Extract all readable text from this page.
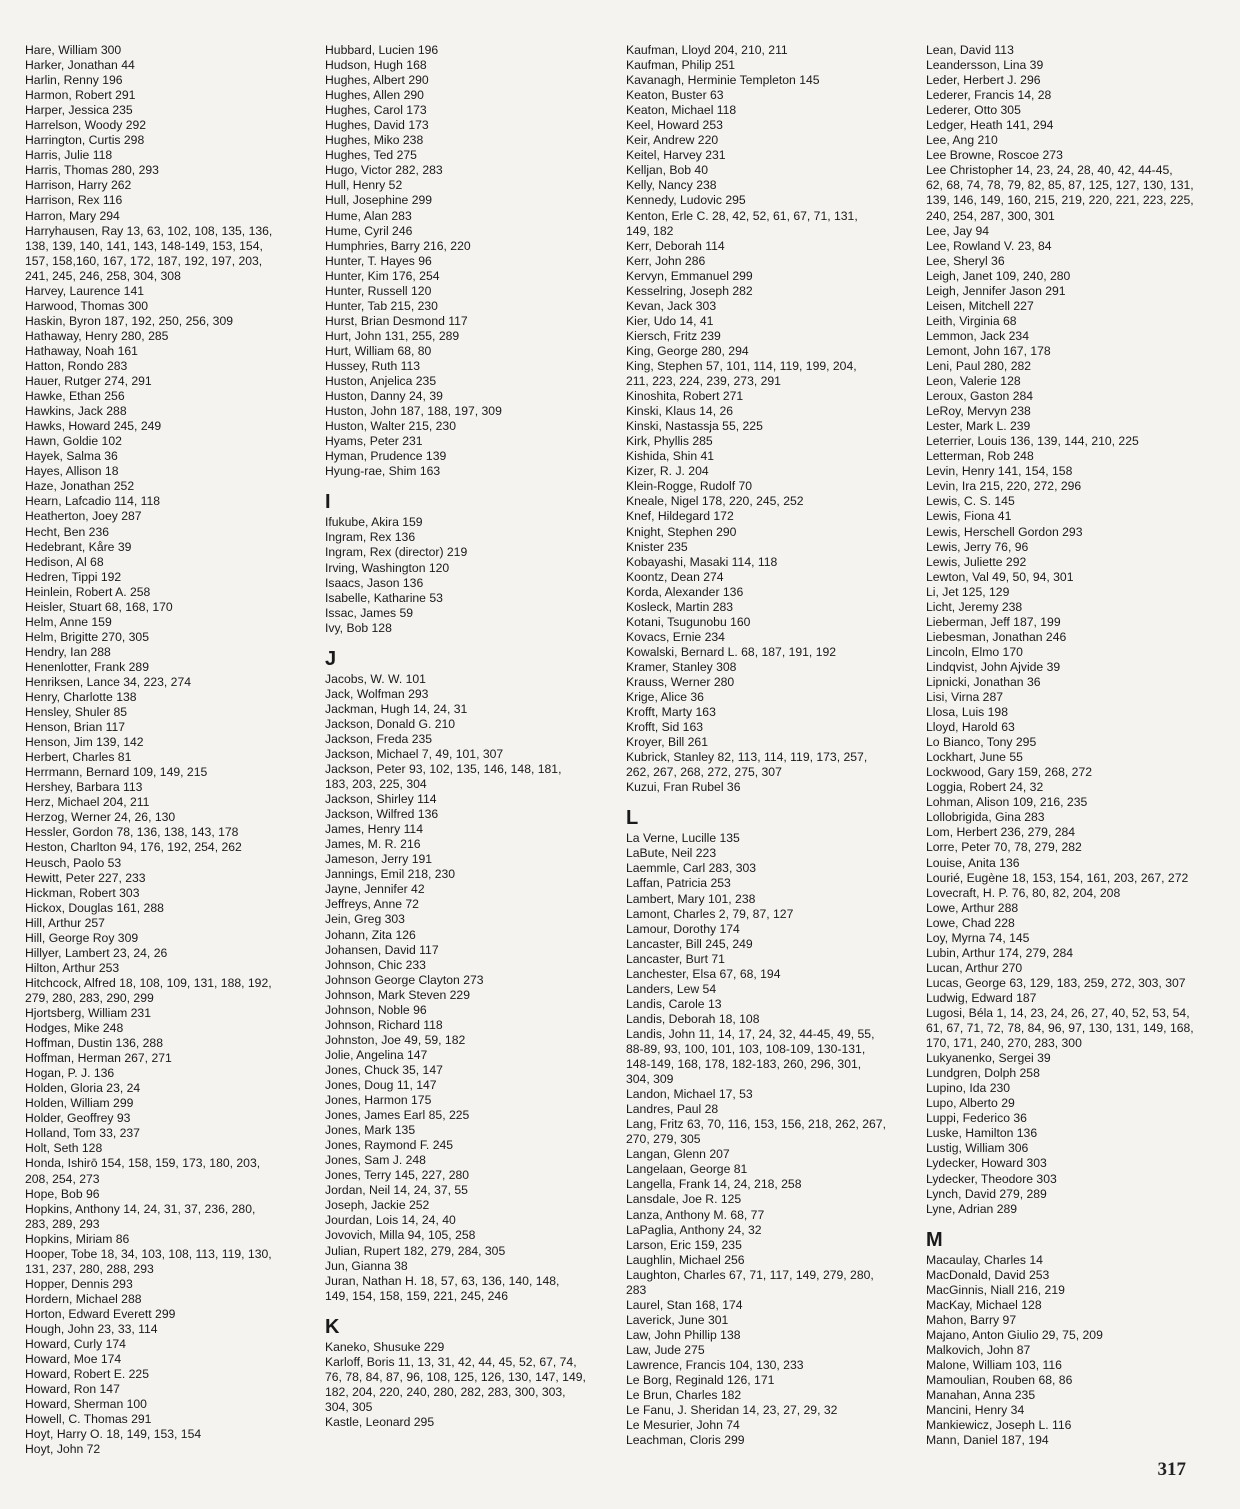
Hare, William 300
Harker, Jonathan 44
Harlin, Renny 196
Harmon, Robert 291
Harper, Jessica 235
Harrelson, Woody 292
Harrington, Curtis 298
Harris, Julie 118
Harris, Thomas 280, 293
Harrison, Harry 262
Harrison, Rex 116
Harron, Mary 294
Harryhausen, Ray 13, 63, 102, 108, 135, 136,
138, 139, 140, 141, 143, 148-149, 153, 154,
157, 158,160, 167, 172, 187, 192, 197, 203,
241, 245, 246, 258, 304, 308
Harvey, Laurence 141
Harwood, Thomas 300
Haskin, Byron 187, 192, 250, 256, 309
Hathaway, Henry 280, 285
Hathaway, Noah 161
Hatton, Rondo 283
Hauer, Rutger 274, 291
Hawke, Ethan 256
Hawkins, Jack 288
Hawks, Howard 245, 249
Hawn, Goldie 102
Hayek, Salma 36
Hayes, Allison 18
Haze, Jonathan 252
Hearn, Lafcadio 114, 118
Heatherton, Joey 287
Hecht, Ben 236
Hedebrant, Kåre 39
Hedison, Al 68
Hedren, Tippi 192
Heinlein, Robert A. 258
Heisler, Stuart 68, 168, 170
Helm, Anne 159
Helm, Brigitte 270, 305
Hendry, Ian 288
Henenlotter, Frank 289
Henriksen, Lance 34, 223, 274
Henry, Charlotte 138
Hensley, Shuler 85
Henson, Brian 117
Henson, Jim 139, 142
Herbert, Charles 81
Herrmann, Bernard 109, 149, 215
Hershey, Barbara 113
Herz, Michael 204, 211
Herzog, Werner 24, 26, 130
Hessler, Gordon 78, 136, 138, 143, 178
Heston, Charlton 94, 176, 192, 254, 262
Heusch, Paolo 53
Hewitt, Peter 227, 233
Hickman, Robert 303
Hickox, Douglas 161, 288
Hill, Arthur 257
Hill, George Roy 309
Hillyer, Lambert 23, 24, 26
Hilton, Arthur 253
Hitchcock, Alfred 18, 108, 109, 131, 188, 192,
279, 280, 283, 290, 299
Hjortsberg, William 231
Hodges, Mike 248
Hoffman, Dustin 136, 288
Hoffman, Herman 267, 271
Hogan, P. J. 136
Holden, Gloria 23, 24
Holden, William 299
Holder, Geoffrey 93
Holland, Tom 33, 237
Holt, Seth 128
Honda, Ishirō 154, 158, 159, 173, 180, 203,
208, 254, 273
Hope, Bob 96
Hopkins, Anthony 14, 24, 31, 37, 236, 280,
283, 289, 293
Hopkins, Miriam 86
Hooper, Tobe 18, 34, 103, 108, 113, 119, 130,
131, 237, 280, 288, 293
Hopper, Dennis 293
Hordern, Michael 288
Horton, Edward Everett 299
Hough, John 23, 33, 114
Howard, Curly 174
Howard, Moe 174
Howard, Robert E. 225
Howard, Ron 147
Howard, Sherman 100
Howell, C. Thomas 291
Hoyt, Harry O. 18, 149, 153, 154
Hoyt, John 72
Hubbard, Lucien 196
Hudson, Hugh 168
Hughes, Albert 290
Hughes, Allen 290
Hughes, Carol 173
Hughes, David 173
Hughes, Miko 238
Hughes, Ted 275
Hugo, Victor 282, 283
Hull, Henry 52
Hull, Josephine 299
Hume, Alan 283
Hume, Cyril 246
Humphries, Barry 216, 220
Hunter, T. Hayes 96
Hunter, Kim 176, 254
Hunter, Russell 120
Hunter, Tab 215, 230
Hurst, Brian Desmond 117
Hurt, John 131, 255, 289
Hurt, William 68, 80
Hussey, Ruth 113
Huston, Anjelica 235
Huston, Danny 24, 39
Huston, John 187, 188, 197, 309
Huston, Walter 215, 230
Hyams, Peter 231
Hyman, Prudence 139
Hyung-rae, Shim 163
I
Ifukube, Akira 159
Ingram, Rex 136
Ingram, Rex (director) 219
Irving, Washington 120
Isaacs, Jason 136
Isabelle, Katharine 53
Issac, James 59
Ivy, Bob 128
J
Jacobs, W. W. 101
Jack, Wolfman 293
Jackman, Hugh 14, 24, 31
Jackson, Donald G. 210
Jackson, Freda 235
Jackson, Michael 7, 49, 101, 307
Jackson, Peter 93, 102, 135, 146, 148, 181,
183, 203, 225, 304
Jackson, Shirley 114
Jackson, Wilfred 136
James, Henry 114
James, M. R. 216
Jameson, Jerry 191
Jannings, Emil 218, 230
Jayne, Jennifer 42
Jeffreys, Anne 72
Jein, Greg 303
Johann, Zita 126
Johansen, David 117
Johnson, Chic 233
Johnson George Clayton 273
Johnson, Mark Steven 229
Johnson, Noble 96
Johnson, Richard 118
Johnston, Joe 49, 59, 182
Jolie, Angelina 147
Jones, Chuck 35, 147
Jones, Doug 11, 147
Jones, Harmon 175
Jones, James Earl 85, 225
Jones, Mark 135
Jones, Raymond F. 245
Jones, Sam J. 248
Jones, Terry 145, 227, 280
Jordan, Neil 14, 24, 37, 55
Joseph, Jackie 252
Jourdan, Lois 14, 24, 40
Jovovich, Milla 94, 105, 258
Julian, Rupert 182, 279, 284, 305
Jun, Gianna 38
Juran, Nathan H. 18, 57, 63, 136, 140, 148,
149, 154, 158, 159, 221, 245, 246
K
Kaneko, Shusuke 229
Karloff, Boris 11, 13, 31, 42, 44, 45, 52, 67, 74,
76, 78, 84, 87, 96, 108, 125, 126, 130, 147, 149,
182, 204, 220, 240, 280, 282, 283, 300, 303,
304, 305
Kastle, Leonard 295
Kaufman, Lloyd 204, 210, 211
Kaufman, Philip 251
Kavanagh, Herminie Templeton 145
Keaton, Buster 63
Keaton, Michael 118
Keel, Howard 253
Keir, Andrew 220
Keitel, Harvey 231
Kelljan, Bob 40
Kelly, Nancy 238
Kennedy, Ludovic 295
Kenton, Erle C. 28, 42, 52, 61, 67, 71, 131,
149, 182
Kerr, Deborah 114
Kerr, John 286
Kervyn, Emmanuel 299
Kesselring, Joseph 282
Kevan, Jack 303
Kier, Udo 14, 41
Kiersch, Fritz 239
King, George 280, 294
King, Stephen 57, 101, 114, 119, 199, 204,
211, 223, 224, 239, 273, 291
Kinoshita, Robert 271
Kinski, Klaus 14, 26
Kinski, Nastassja 55, 225
Kirk, Phyllis 285
Kishida, Shin 41
Kizer, R. J. 204
Klein-Rogge, Rudolf 70
Kneale, Nigel 178, 220, 245, 252
Knef, Hildegard 172
Knight, Stephen 290
Knister 235
Kobayashi, Masaki 114, 118
Koontz, Dean 274
Korda, Alexander 136
Kosleck, Martin 283
Kotani, Tsugunobu 160
Kovacs, Ernie 234
Kowalski, Bernard L. 68, 187, 191, 192
Kramer, Stanley 308
Krauss, Werner 280
Krige, Alice 36
Krofft, Marty 163
Krofft, Sid 163
Kroyer, Bill 261
Kubrick, Stanley 82, 113, 114, 119, 173, 257,
262, 267, 268, 272, 275, 307
Kuzui, Fran Rubel 36
L
La Verne, Lucille 135
LaBute, Neil 223
Laemmle, Carl 283, 303
Laffan, Patricia 253
Lambert, Mary 101, 238
Lamont, Charles 2, 79, 87, 127
Lamour, Dorothy 174
Lancaster, Bill 245, 249
Lancaster, Burt 71
Lanchester, Elsa 67, 68, 194
Landers, Lew 54
Landis, Carole 13
Landis, Deborah 18, 108
Landis, John 11, 14, 17, 24, 32, 44-45, 49, 55,
88-89, 93, 100, 101, 103, 108-109, 130-131,
148-149, 168, 178, 182-183, 260, 296, 301,
304, 309
Landon, Michael 17, 53
Landres, Paul 28
Lang, Fritz 63, 70, 116, 153, 156, 218, 262, 267,
270, 279, 305
Langan, Glenn 207
Langelaan, George 81
Langella, Frank 14, 24, 218, 258
Lansdale, Joe R. 125
Lanza, Anthony M. 68, 77
LaPaglia, Anthony 24, 32
Larson, Eric 159, 235
Laughlin, Michael 256
Laughton, Charles 67, 71, 117, 149, 279, 280,
283
Laurel, Stan 168, 174
Laverick, June 301
Law, John Phillip 138
Law, Jude 275
Lawrence, Francis 104, 130, 233
Le Borg, Reginald 126, 171
Le Brun, Charles 182
Le Fanu, J. Sheridan 14, 23, 27, 29, 32
Le Mesurier, John 74
Leachman, Cloris 299
Lean, David 113
Leandersson, Lina 39
Leder, Herbert J. 296
Lederer, Francis 14, 28
Lederer, Otto 305
Ledger, Heath 141, 294
Lee, Ang 210
Lee Browne, Roscoe 273
Lee Christopher 14, 23, 24, 28, 40, 42, 44-45,
62, 68, 74, 78, 79, 82, 85, 87, 125, 127, 130, 131,
139, 146, 149, 160, 215, 219, 220, 221, 223, 225,
240, 254, 287, 300, 301
Lee, Jay 94
Lee, Rowland V. 23, 84
Lee, Sheryl 36
Leigh, Janet 109, 240, 280
Leigh, Jennifer Jason 291
Leisen, Mitchell 227
Leith, Virginia 68
Lemmon, Jack 234
Lemont, John 167, 178
Leni, Paul 280, 282
Leon, Valerie 128
Leroux, Gaston 284
LeRoy, Mervyn 238
Lester, Mark L. 239
Leterrier, Louis 136, 139, 144, 210, 225
Letterman, Rob 248
Levin, Henry 141, 154, 158
Levin, Ira 215, 220, 272, 296
Lewis, C. S. 145
Lewis, Fiona 41
Lewis, Herschell Gordon 293
Lewis, Jerry 76, 96
Lewis, Juliette 292
Lewton, Val 49, 50, 94, 301
Li, Jet 125, 129
Licht, Jeremy 238
Lieberman, Jeff 187, 199
Liebesman, Jonathan 246
Lincoln, Elmo 170
Lindqvist, John Ajvide 39
Lipnicki, Jonathan 36
Lisi, Virna 287
Llosa, Luis 198
Lloyd, Harold 63
Lo Bianco, Tony 295
Lockhart, June 55
Lockwood, Gary 159, 268, 272
Loggia, Robert 24, 32
Lohman, Alison 109, 216, 235
Lollobrigida, Gina 283
Lom, Herbert 236, 279, 284
Lorre, Peter 70, 78, 279, 282
Louise, Anita 136
Lourié, Eugène 18, 153, 154, 161, 203, 267, 272
Lovecraft, H. P. 76, 80, 82, 204, 208
Lowe, Arthur 288
Lowe, Chad 228
Loy, Myrna 74, 145
Lubin, Arthur 174, 279, 284
Lucan, Arthur 270
Lucas, George 63, 129, 183, 259, 272, 303, 307
Ludwig, Edward 187
Lugosi, Béla 1, 14, 23, 24, 26, 27, 40, 52, 53, 54,
61, 67, 71, 72, 78, 84, 96, 97, 130, 131, 149, 168,
170, 171, 240, 270, 283, 300
Lukyanenko, Sergei 39
Lundgren, Dolph 258
Lupino, Ida 230
Lupo, Alberto 29
Luppi, Federico 36
Luske, Hamilton 136
Lustig, William 306
Lydecker, Howard 303
Lydecker, Theodore 303
Lynch, David 279, 289
Lyne, Adrian 289
M
Macaulay, Charles 14
MacDonald, David 253
MacGinnis, Niall 216, 219
MacKay, Michael 128
Mahon, Barry 97
Majano, Anton Giulio 29, 75, 209
Malkovich, John 87
Malone, William 103, 116
Mamoulian, Rouben 68, 86
Manahan, Anna 235
Mancini, Henry 34
Mankiewicz, Joseph L. 116
Mann, Daniel 187, 194
317
